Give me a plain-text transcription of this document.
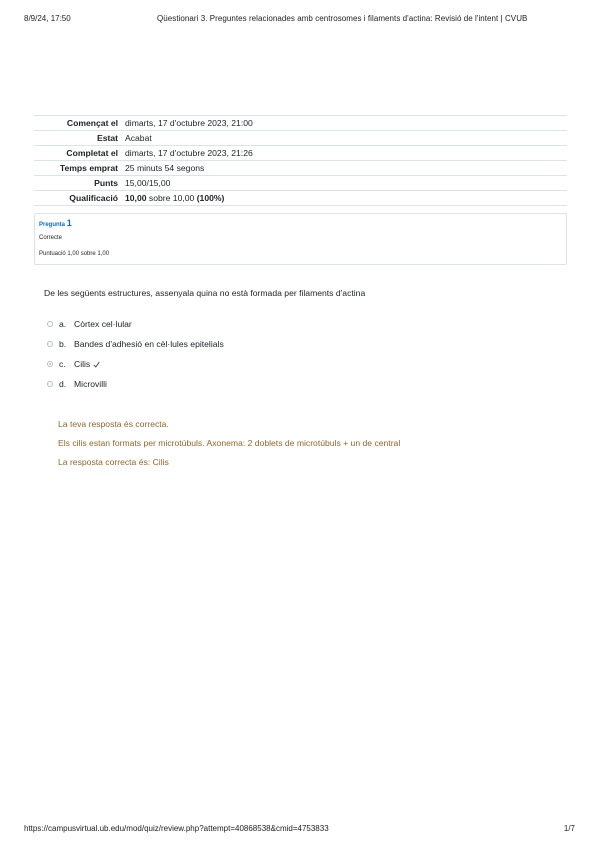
8/9/24, 17:50	Qüestionari 3. Preguntes relacionades amb centrosomes i filaments d'actina: Revisió de l'intent | CVUB
Començat el	dimarts, 17 d'octubre 2023, 21:00
Estat	Acabat
Completat el	dimarts, 17 d'octubre 2023, 21:26
Temps emprat	25 minuts 54 segons
Punts	15,00/15,00
Qualificació	10,00 sobre 10,00 (100%)
Pregunta 1
Correcte
Puntuació 1,00 sobre 1,00
De les següents estructures, assenyala quina no està formada per filaments d'actina
a. Còrtex cel·lular
b. Bandes d'adhesió en cèl·lules epitelials
c. Cilis
d. Microvilli
La teva resposta és correcta.
Els cilis estan formats per microtúbuls. Axonema: 2 doblets de microtúbuls + un de central
La resposta correcta és: Cilis
https://campusvirtual.ub.edu/mod/quiz/review.php?attempt=40868538&cmid=4753833	1/7
